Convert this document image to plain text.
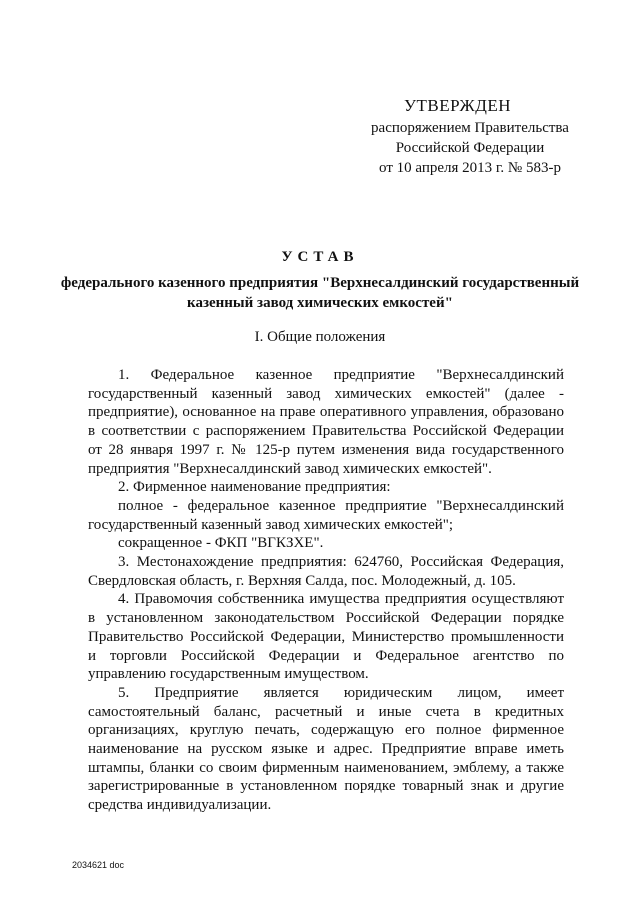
УТВЕРЖДЕН
распоряжением Правительства
Российской Федерации
от 10 апреля 2013 г. № 583-р
УСТАВ
федерального казенного предприятия "Верхнесалдинский государственный казенный завод химических емкостей"
I. Общие положения

1. Федеральное казенное предприятие "Верхнесалдинский государственный казенный завод химических емкостей" (далее - предприятие), основанное на праве оперативного управления, образовано в соответствии с распоряжением Правительства Российской Федерации от 28 января 1997 г. № 125-р путем изменения вида государственного предприятия "Верхнесалдинский завод химических емкостей".

2. Фирменное наименование предприятия:

полное - федеральное казенное предприятие "Верхнесалдинский государственный казенный завод химических емкостей";

сокращенное - ФКП "ВГКЗХЕ".

3. Местонахождение предприятия: 624760, Российская Федерация, Свердловская область, г. Верхняя Салда, пос. Молодежный, д. 105.

4. Правомочия собственника имущества предприятия осуществляют в установленном законодательством Российской Федерации порядке Правительство Российской Федерации, Министерство промышленности и торговли Российской Федерации и Федеральное агентство по управлению государственным имуществом.

5. Предприятие является юридическим лицом, имеет самостоятельный баланс, расчетный и иные счета в кредитных организациях, круглую печать, содержащую его полное фирменное наименование на русском языке и адрес. Предприятие вправе иметь штампы, бланки со своим фирменным наименованием, эмблему, а также зарегистрированные в установленном порядке товарный знак и другие средства индивидуализации.

2034621 doc
